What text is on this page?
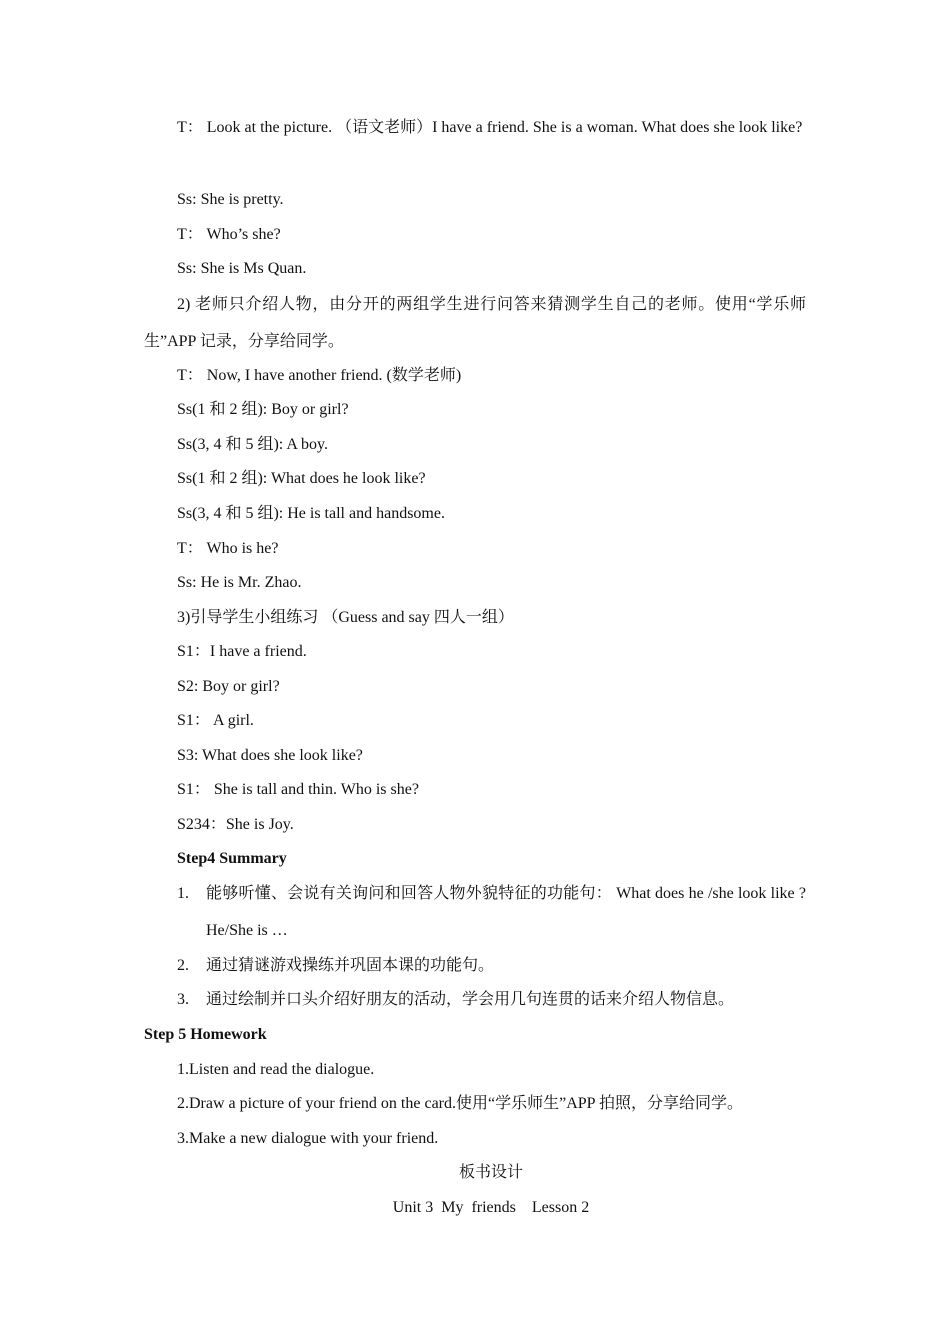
T： Look at the picture. （语文老师）I have a friend. She is a woman. What does she look like?
Ss: She is pretty.
T： Who’s she?
Ss: She is Ms Quan.
2) 老师只介绍人物，由分开的两组学生进行问答来猜测学生自己的老师。使用“学乐师生”APP 记录，分享给同学。
T： Now, I have another friend. (数学老师)
Ss(1 和 2 组): Boy or girl?
Ss(3, 4 和 5 组): A boy.
Ss(1 和 2 组): What does he look like?
Ss(3, 4 和 5 组): He is tall and handsome.
T： Who is he?
Ss: He is Mr. Zhao.
3)引导学生小组练习 （Guess and say 四人一组）
S1：I have a friend.
S2: Boy or girl?
S1： A girl.
S3: What does she look like?
S1： She is tall and thin. Who is she?
S234：She is Joy.
Step4 Summary
1.	能够听懂、会说有关询问和回答人物外貌特征的功能句： What does he /she look like ?He/She is …
2.	通过猜谜游戏操练并巩固本课的功能句。
3.	通过绘制并口头介绍好朋友的活动，学会用几句连贯的话来介绍人物信息。
Step 5 Homework
1.Listen and read the dialogue.
2.Draw a picture of your friend on the card.使用“学乐师生”APP 拍照，分享给同学。
3.Make a new dialogue with your friend.
板书设计
Unit 3  My  friends    Lesson 2
